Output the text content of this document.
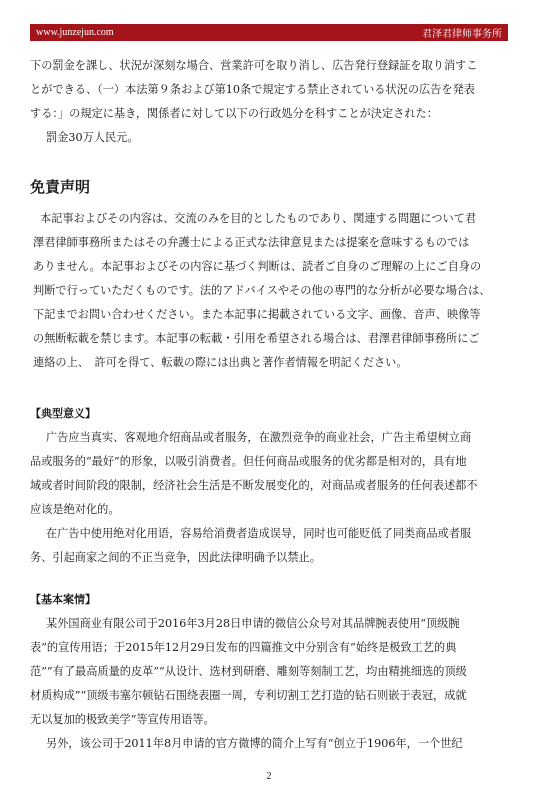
www.junzejun.com	君泽君律师事务所
下の罰金を課し、状況が深刻な場合、営業許可を取り消し、広告発行登録証を取り消すこ
とができる、（一）本法第９条および第10条で規定する禁止されている状況の広告を発表
する：」の規定に基き，関係者に対して以下の行政処分を科すことが決定された：
罰金30万人民元。
免責声明
本記事およびその内容は、交流のみを目的としたものであり、関連する問題について君
澤君律師事務所またはその弁護士による正式な法律意見または提案を意味するものでは
ありません。本記事およびその内容に基づく判断は、読者ご自身のご理解の上にご自身の
判断で行っていただくものです。法的アドバイスやその他の専門的な分析が必要な場合は、
下記までお問い合わせください。また本記事に掲載されている文字、画像、音声、映像等
の無断転載を禁じます。本記事の転載・引用を希望される場合は、君澤君律師事務所にご
連絡の上、　許可を得て、転載の際には出典と著作者情報を明記ください。
【典型意义】
广告应当真实、客观地介绍商品或者服务，在激烈竞争的商业社会，广告主希望树立商
品或服务的“最好”的形象，以吸引消费者。但任何商品或服务的优劣都是相对的，具有地
域或者时间阶段的限制，经济社会生活是不断发展变化的，对商品或者服务的任何表述都不
应该是绝对化的。
在广告中使用绝对化用语，容易给消费者造成误导，同时也可能贬低了同类商品或者服
务、引起商家之间的不正当竞争，因此法律明确予以禁止。
【基本案情】
某外国商业有限公司于2016年3月28日申请的微信公众号对其品牌腕表使用“顶级腕
表”的宣传用语；于2015年12月29日发布的四篇推文中分别含有“始终是极致工艺的典
范”“有了最高质量的皮革”“从设计、选材到研磨、雕刻等刻制工艺，均由精挑细选的顶级
材质构成”“顶级韦塞尔顿钻石围绕表圈一周，专利切割工艺打造的钻石则嵌于表冠，成就
无以复加的极致美学”等宣传用语等。
另外，该公司于2011年8月申请的官方微博的简介上写有“创立于1906年，一个世纪
2
